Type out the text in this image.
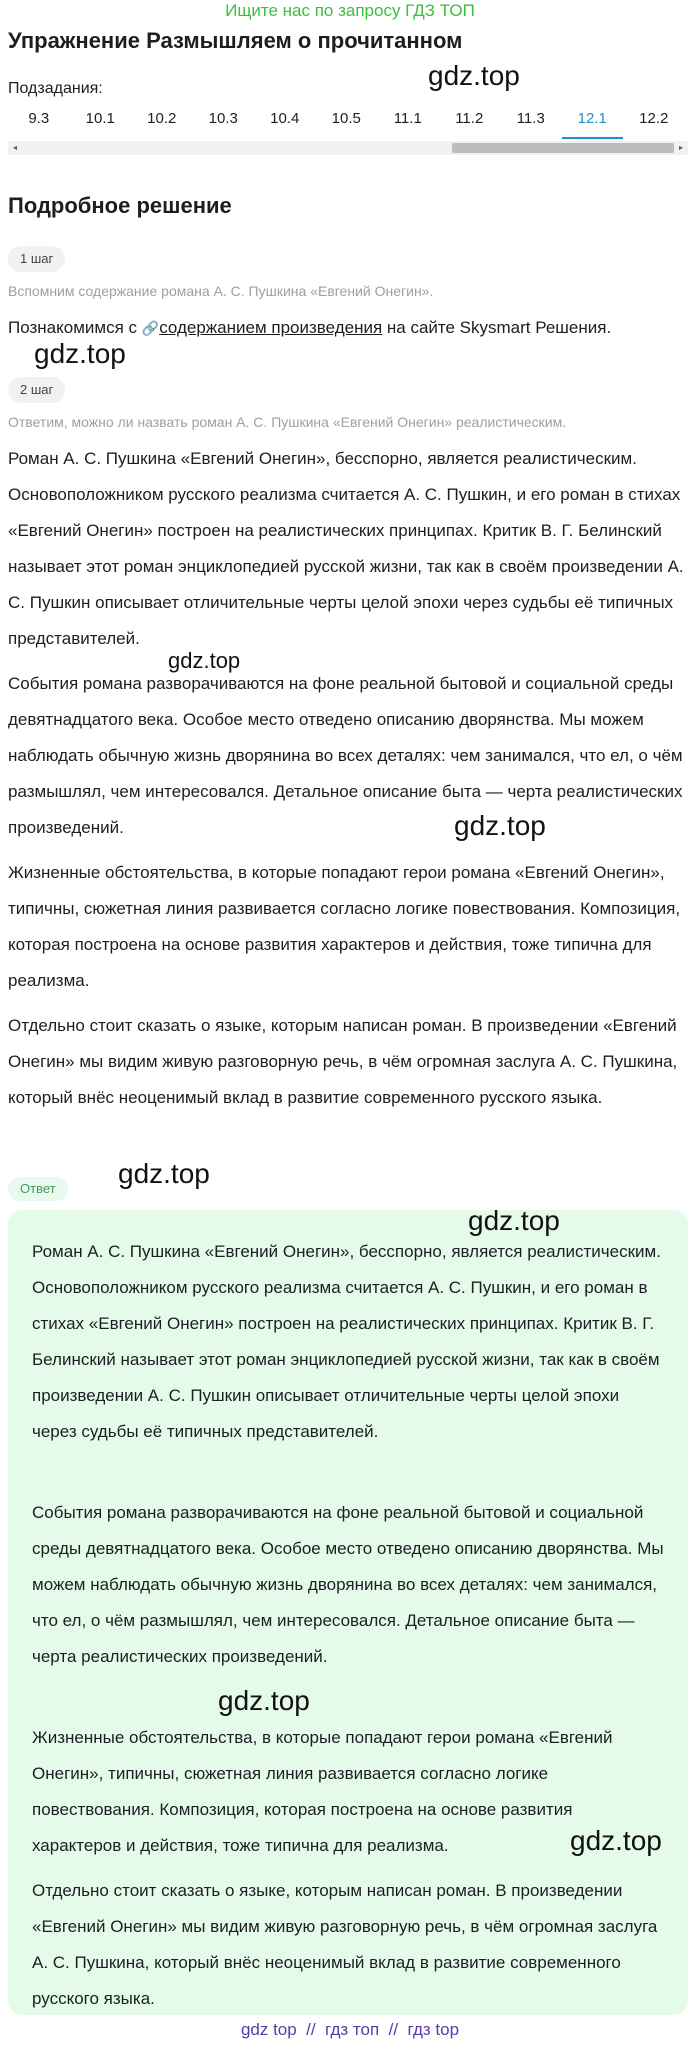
Ищите нас по запросу ГДЗ ТОП
Упражнение Размышляем о прочитанном
Подзадания:
9.3	10.1	10.2	10.3	10.4	10.5	11.1	11.2	11.3	12.1	12.2
◂	▸
Подробное решение
1 шаг
Вспомним содержание романа А. С. Пушкина «Евгений Онегин».
Познакомимся с 🔗содержанием произведения на сайте Skysmart Решения.
2 шаг
Ответим, можно ли назвать роман А. С. Пушкина «Евгений Онегин» реалистическим.
Роман А. С. Пушкина «Евгений Онегин», бесспорно, является реалистическим. Основоположником русского реализма считается А. С. Пушкин, и его роман в стихах «Евгений Онегин» построен на реалистических принципах. Критик В. Г. Белинский называет этот роман энциклопедией русской жизни, так как в своём произведении А. С. Пушкин описывает отличительные черты целой эпохи через судьбы её типичных представителей.
События романа разворачиваются на фоне реальной бытовой и социальной среды девятнадцатого века. Особое место отведено описанию дворянства. Мы можем наблюдать обычную жизнь дворянина во всех деталях: чем занимался, что ел, о чём размышлял, чем интересовался. Детальное описание быта — черта реалистических произведений.
Жизненные обстоятельства, в которые попадают герои романа «Евгений Онегин», типичны, сюжетная линия развивается согласно логике повествования. Композиция, которая построена на основе развития характеров и действия, тоже типична для реализма.
Отдельно стоит сказать о языке, которым написан роман. В произведении «Евгений Онегин» мы видим живую разговорную речь, в чём огромная заслуга А. С. Пушкина, который внёс неоценимый вклад в развитие современного русского языка.
Ответ
Роман А. С. Пушкина «Евгений Онегин», бесспорно, является реалистическим. Основоположником русского реализма считается А. С. Пушкин, и его роман в стихах «Евгений Онегин» построен на реалистических принципах. Критик В. Г. Белинский называет этот роман энциклопедией русской жизни, так как в своём произведении А. С. Пушкин описывает отличительные черты целой эпохи через судьбы её типичных представителей.
События романа разворачиваются на фоне реальной бытовой и социальной среды девятнадцатого века. Особое место отведено описанию дворянства. Мы можем наблюдать обычную жизнь дворянина во всех деталях: чем занимался, что ел, о чём размышлял, чем интересовался. Детальное описание быта — черта реалистических произведений.
Жизненные обстоятельства, в которые попадают герои романа «Евгений Онегин», типичны, сюжетная линия развивается согласно логике повествования. Композиция, которая построена на основе развития характеров и действия, тоже типична для реализма.
Отдельно стоит сказать о языке, которым написан роман. В произведении «Евгений Онегин» мы видим живую разговорную речь, в чём огромная заслуга А. С. Пушкина, который внёс неоценимый вклад в развитие современного русского языка.
gdz.top
gdz.top
gdz.top
gdz.top
gdz.top
gdz.top
gdz.top
gdz.top
gdz top  //  гдз топ  //  гдз top
